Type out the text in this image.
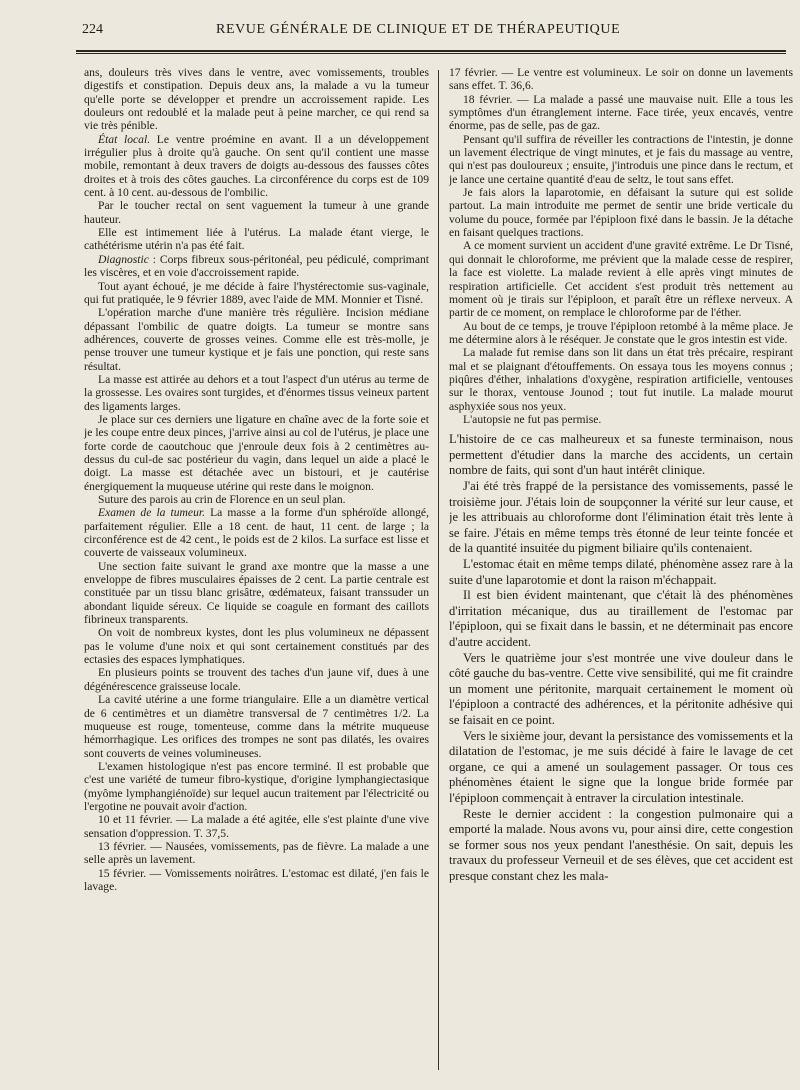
224	REVUE GÉNÉRALE DE CLINIQUE ET DE THÉRAPEUTIQUE

ans, douleurs très vives dans le ventre, avec vomissements, troubles digestifs et constipation. Depuis deux ans, la malade a vu la tumeur qu'elle porte se développer et prendre un accroissement rapide. Les douleurs ont redoublé et la malade peut à peine marcher, ce qui rend sa vie très pénible.

État local. Le ventre proémine en avant. Il a un développement irrégulier plus à droite qu'à gauche. On sent qu'il contient une masse mobile, remontant à deux travers de doigts au-dessous des fausses côtes droites et à trois des côtes gauches. La circonférence du corps est de 109 cent. à 10 cent. au-dessous de l'ombilic.

Par le toucher rectal on sent vaguement la tumeur à une grande hauteur.

Elle est intimement liée à l'utérus. La malade étant vierge, le cathétérisme utérin n'a pas été fait.

Diagnostic : Corps fibreux sous-péritonéal, peu pédiculé, comprimant les viscères, et en voie d'accroissement rapide.

Tout ayant échoué, je me décide à faire l'hystérectomie sus-vaginale, qui fut pratiquée, le 9 février 1889, avec l'aide de MM. Monnier et Tisné.

L'opération marche d'une manière très régulière. Incision médiane dépassant l'ombilic de quatre doigts. La tumeur se montre sans adhérences, couverte de grosses veines. Comme elle est très-molle, je pense trouver une tumeur kystique et je fais une ponction, qui reste sans résultat.

La masse est attirée au dehors et a tout l'aspect d'un utérus au terme de la grossesse. Les ovaires sont turgides, et d'énormes tissus veineux partent des ligaments larges.

Je place sur ces derniers une ligature en chaîne avec de la forte soie et je les coupe entre deux pinces, j'arrive ainsi au col de l'utérus, je place une forte corde de caoutchouc que j'enroule deux fois à 2 centimètres au-dessus du cul-de sac postérieur du vagin, dans lequel un aide a placé le doigt. La masse est détachée avec un bistouri, et je cautérise énergiquement la muqueuse utérine qui reste dans le moignon.

Suture des parois au crin de Florence en un seul plan.

Examen de la tumeur. La masse a la forme d'un sphéroïde allongé, parfaitement régulier. Elle a 18 cent. de haut, 11 cent. de large ; la circonférence est de 42 cent., le poids est de 2 kilos. La surface est lisse et couverte de vaisseaux volumineux.

Une section faite suivant le grand axe montre que la masse a une enveloppe de fibres musculaires épaisses de 2 cent. La partie centrale est constituée par un tissu blanc grisâtre, œdémateux, faisant transsuder un abondant liquide séreux. Ce liquide se coagule en formant des caillots fibrineux transparents.

On voit de nombreux kystes, dont les plus volumineux ne dépassent pas le volume d'une noix et qui sont certainement constitués par des ectasies des espaces lymphatiques.

En plusieurs points se trouvent des taches d'un jaune vif, dues à une dégénérescence graisseuse locale.

La cavité utérine a une forme triangulaire. Elle a un diamètre vertical de 6 centimètres et un diamètre transversal de 7 centimètres 1/2. La muqueuse est rouge, tomenteuse, comme dans la métrite muqueuse hémorrhagique. Les orifices des trompes ne sont pas dilatés, les ovaires sont couverts de veines volumineuses.

L'examen histologique n'est pas encore terminé. Il est probable que c'est une variété de tumeur fibro-kystique, d'origine lymphangiectasique (myôme lymphangiénoïde) sur lequel aucun traitement par l'électricité ou l'ergotine ne pouvait avoir d'action.

10 et 11 février. — La malade a été agitée, elle s'est plainte d'une vive sensation d'oppression. T. 37,5.

13 février. — Nausées, vomissements, pas de fièvre. La malade a une selle après un lavement.

15 février. — Vomissements noirâtres. L'estomac est dilaté, j'en fais le lavage.

17 février. — Le ventre est volumineux. Le soir on donne un lavements sans effet. T. 36,6.

18 février. — La malade a passé une mauvaise nuit. Elle a tous les symptômes d'un étranglement interne. Face tirée, yeux encavés, ventre énorme, pas de selle, pas de gaz.

Pensant qu'il suffira de réveiller les contractions de l'intestin, je donne un lavement électrique de vingt minutes, et je fais du massage au ventre, qui n'est pas douloureux ; ensuite, j'introduis une pince dans le rectum, et je lance une certaine quantité d'eau de seltz, le tout sans effet.

Je fais alors la laparotomie, en défaisant la suture qui est solide partout. La main introduite me permet de sentir une bride verticale du volume du pouce, formée par l'épiploon fixé dans le bassin. Je la détache en faisant quelques tractions.

A ce moment survient un accident d'une gravité extrême. Le Dr Tisné, qui donnait le chloroforme, me prévient que la malade cesse de respirer, la face est violette. La malade revient à elle après vingt minutes de respiration artificielle. Cet accident s'est produit très nettement au moment où je tirais sur l'épiploon, et paraît être un réflexe nerveux. A partir de ce moment, on remplace le chloroforme par de l'éther.

Au bout de ce temps, je trouve l'épiploon retombé à la même place. Je me détermine alors à le réséquer. Je constate que le gros intestin est vide.

La malade fut remise dans son lit dans un état très précaire, respirant mal et se plaignant d'étouffements. On essaya tous les moyens connus ; piqûres d'éther, inhalations d'oxygène, respiration artificielle, ventouses sur le thorax, ventouse Jounod ; tout fut inutile. La malade mourut asphyxiée sous nos yeux.

L'autopsie ne fut pas permise.

L'histoire de ce cas malheureux et sa funeste terminaison, nous permettent d'étudier dans la marche des accidents, un certain nombre de faits, qui sont d'un haut intérêt clinique.

J'ai été très frappé de la persistance des vomissements, passé le troisième jour. J'étais loin de soupçonner la vérité sur leur cause, et je les attribuais au chloroforme dont l'élimination était très lente à se faire. J'étais en même temps très étonné de leur teinte foncée et de la quantité insuitée du pigment biliaire qu'ils contenaient.

L'estomac était en même temps dilaté, phénomène assez rare à la suite d'une laparotomie et dont la raison m'échappait.

Il est bien évident maintenant, que c'était là des phénomènes d'irritation mécanique, dus au tiraillement de l'estomac par l'épiploon, qui se fixait dans le bassin, et ne déterminait pas encore d'autre accident.

Vers le quatrième jour s'est montrée une vive douleur dans le côté gauche du bas-ventre. Cette vive sensibilité, qui me fit craindre un moment une péritonite, marquait certainement le moment où l'épiploon a contracté des adhérences, et la péritonite adhésive qui se faisait en ce point.

Vers le sixième jour, devant la persistance des vomissements et la dilatation de l'estomac, je me suis décidé à faire le lavage de cet organe, ce qui a amené un soulagement passager. Or tous ces phénomènes étaient le signe que la longue bride formée par l'épiploon commençait à entraver la circulation intestinale.

Reste le dernier accident : la congestion pulmonaire qui a emporté la malade. Nous avons vu, pour ainsi dire, cette congestion se former sous nos yeux pendant l'anesthésie. On sait, depuis les travaux du professeur Verneuil et de ses élèves, que cet accident est presque constant chez les mala-
